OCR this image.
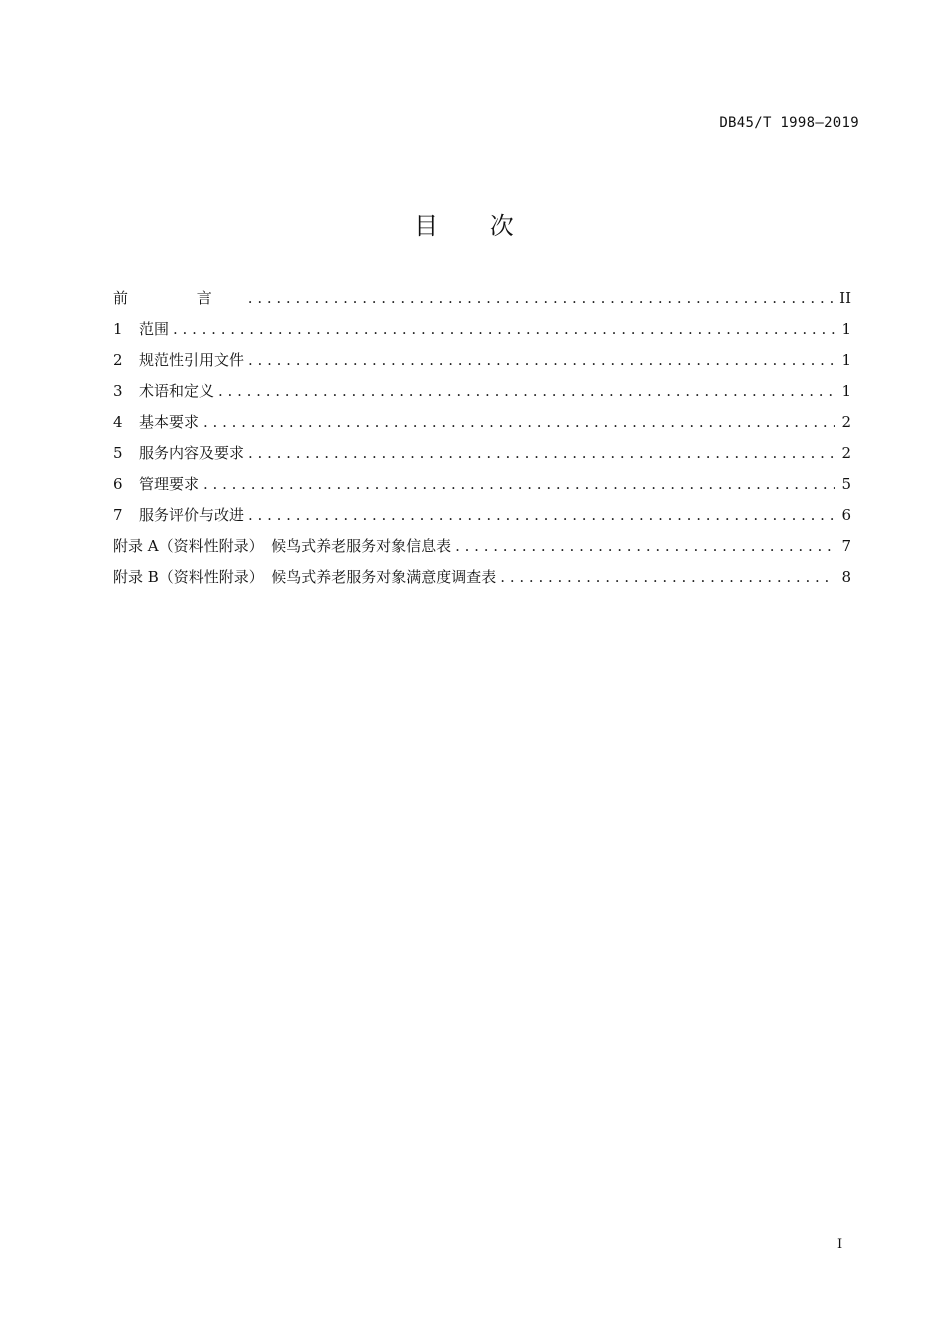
DB45/T 1998—2019
目 次
前 言 . . .	II
1 范围 . . .	1
2 规范性引用文件 . . .	1
3 术语和定义 . . .	1
4 基本要求 . . .	2
5 服务内容及要求 . . .	2
6 管理要求 . . .	5
7 服务评价与改进 . . .	6
附录 A（资料性附录）　候鸟式养老服务对象信息表 . . .	7
附录 B（资料性附录）　候鸟式养老服务对象满意度调查表 . . .	8
I
